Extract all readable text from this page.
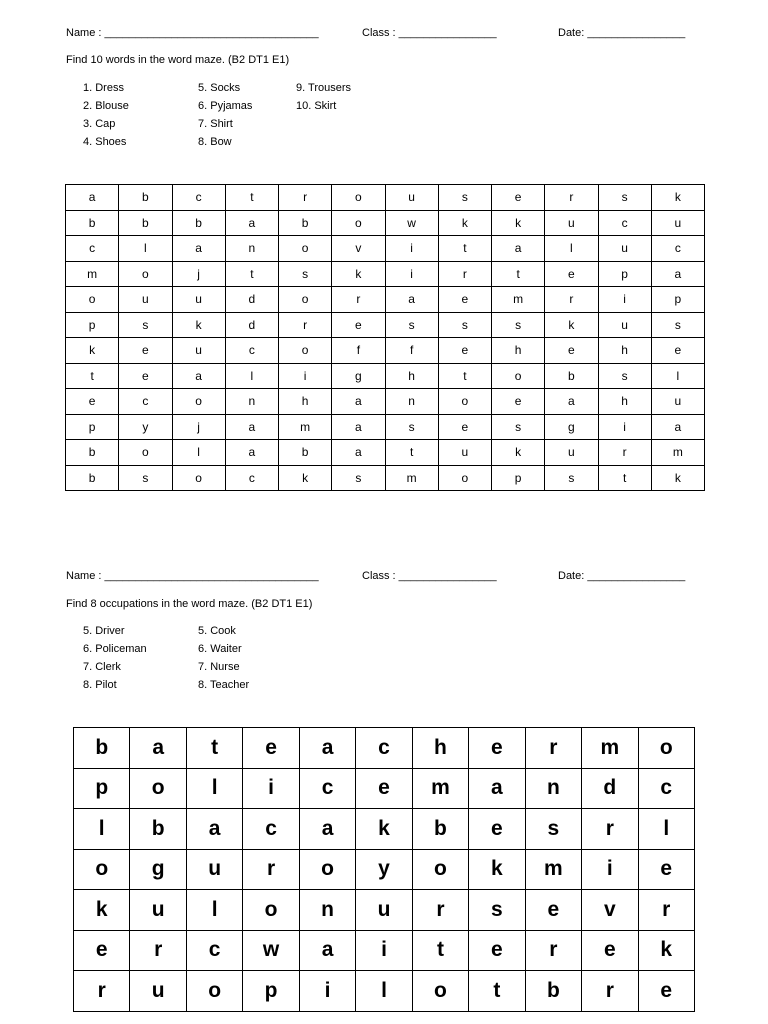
Name : ___________________________________	Class : ________________	Date: ________________
Find 10 words in the word maze. (B2 DT1 E1)
1. Dress
2. Blouse
3. Cap
4. Shoes
5. Socks
6. Pyjamas
7. Shirt
8. Bow
9. Trousers
10. Skirt
a	b	c	t	r	o	u	s	e	r	s	k
b	b	b	a	b	o	w	k	k	u	c	u
c	l	a	n	o	v	i	t	a	l	u	c
m	o	j	t	s	k	i	r	t	e	p	a
o	u	u	d	o	r	a	e	m	r	i	p
p	s	k	d	r	e	s	s	s	k	u	s
k	e	u	c	o	f	f	e	h	e	h	e
t	e	a	l	i	g	h	t	o	b	s	l
e	c	o	n	h	a	n	o	e	a	h	u
p	y	j	a	m	a	s	e	s	g	i	a
b	o	l	a	b	a	t	u	k	u	r	m
b	s	o	c	k	s	m	o	p	s	t	k
Name : ___________________________________	Class : ________________	Date: ________________
Find 8 occupations in the word maze. (B2 DT1 E1)
5. Driver
6. Policeman
7. Clerk
8. Pilot
5. Cook
6. Waiter
7. Nurse
8. Teacher
b	a	t	e	a	c	h	e	r	m	o
p	o	l	i	c	e	m	a	n	d	c
l	b	a	c	a	k	b	e	s	r	l
o	g	u	r	o	y	o	k	m	i	e
k	u	l	o	n	u	r	s	e	v	r
e	r	c	w	a	i	t	e	r	e	k
r	u	o	p	i	l	o	t	b	r	e
